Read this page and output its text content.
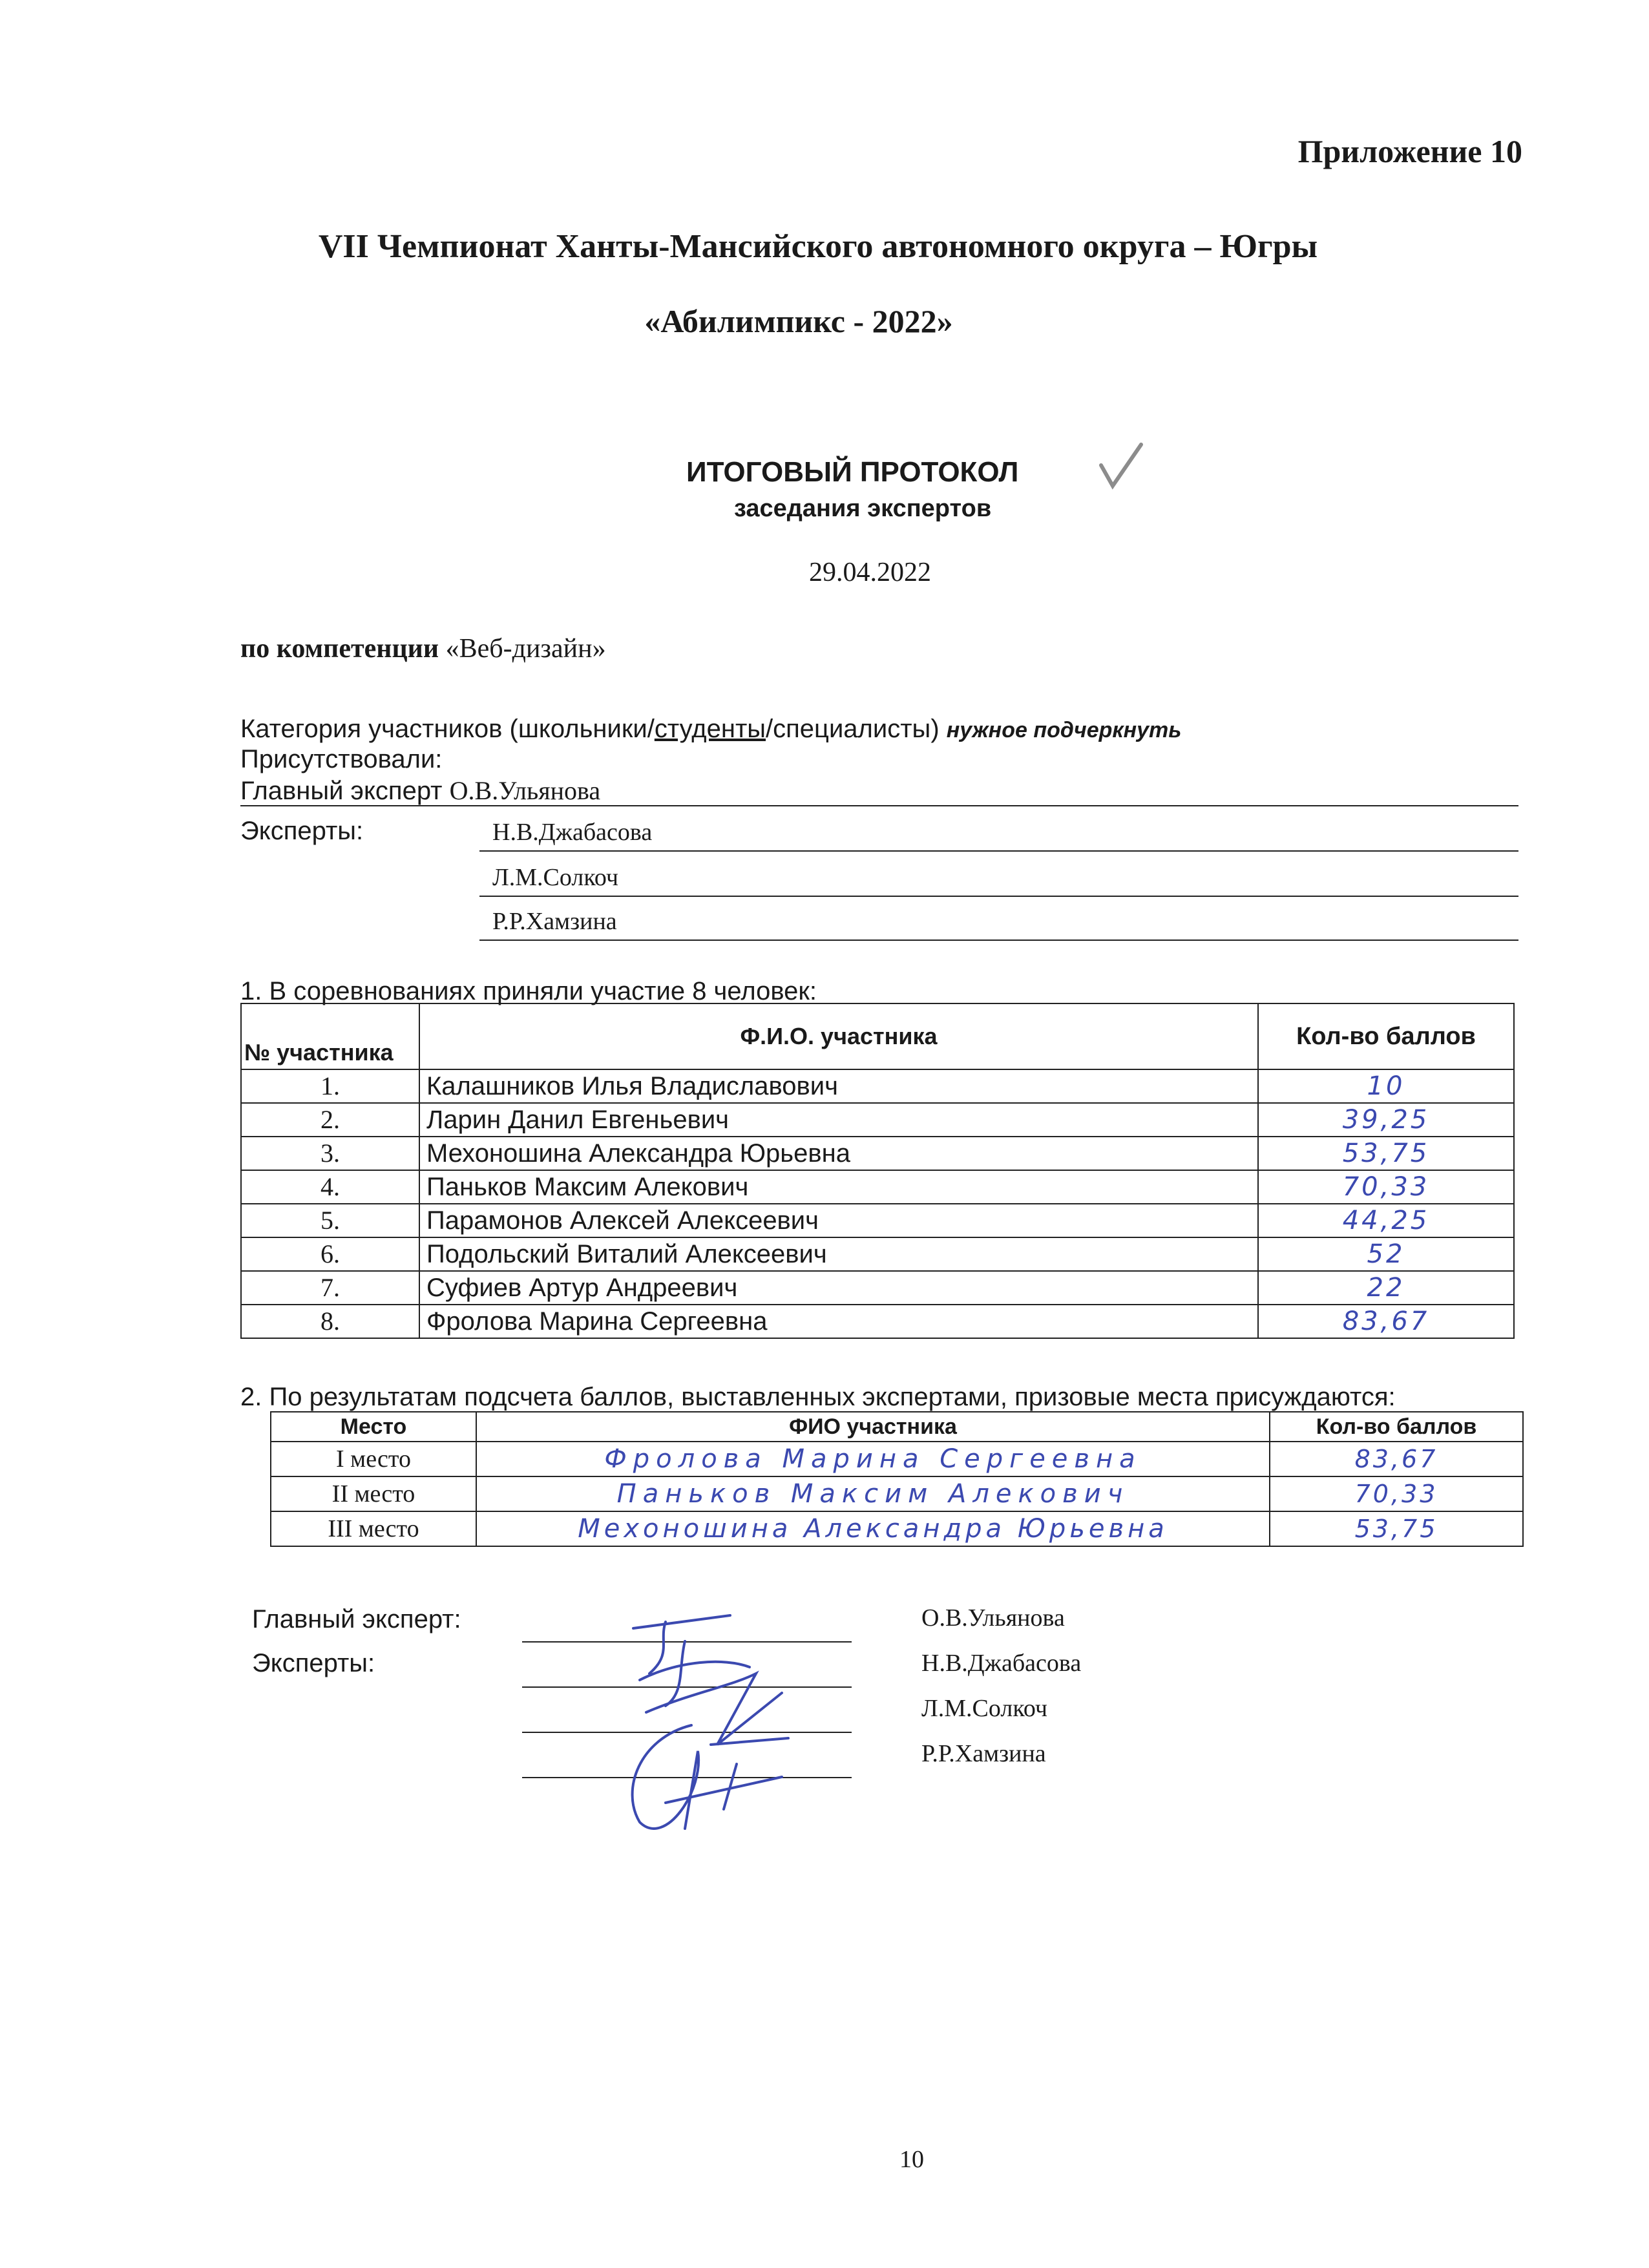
Приложение 10
VII Чемпионат Ханты-Мансийского автономного округа – Югры
«Абилимпикс - 2022»
ИТОГОВЫЙ ПРОТОКОЛ
заседания экспертов
29.04.2022
по компетенции «Веб-дизайн»
Категория участников (школьники/студенты/специалисты) нужное подчеркнуть
Присутствовали:
Главный эксперт О.В.Ульянова
Эксперты:	Н.В.Джабасова
Л.М.Солкоч
Р.Р.Хамзина
1. В соревнованиях приняли участие 8 человек:
№ участника	Ф.И.О. участника	Кол-во баллов
1.	Калашников Илья Владиславович	10
2.	Ларин Данил Евгеньевич	39,25
3.	Мехоношина Александра Юрьевна	53,75
4.	Паньков Максим Алекович	70,33
5.	Парамонов Алексей Алексеевич	44,25
6.	Подольский Виталий Алексеевич	52
7.	Суфиев Артур Андреевич	22
8.	Фролова Марина Сергеевна	83,67
2. По результатам подсчета баллов, выставленных экспертами, призовые места присуждаются:
Место	ФИО участника	Кол-во баллов
I место	Фролова Марина Сергеевна	83,67
II место	Паньков Максим Алекович	70,33
III место	Мехоношина Александра Юрьевна	53,75
Главный эксперт:
Эксперты:
О.В.Ульянова
Н.В.Джабасова
Л.М.Солкоч
Р.Р.Хамзина
10
